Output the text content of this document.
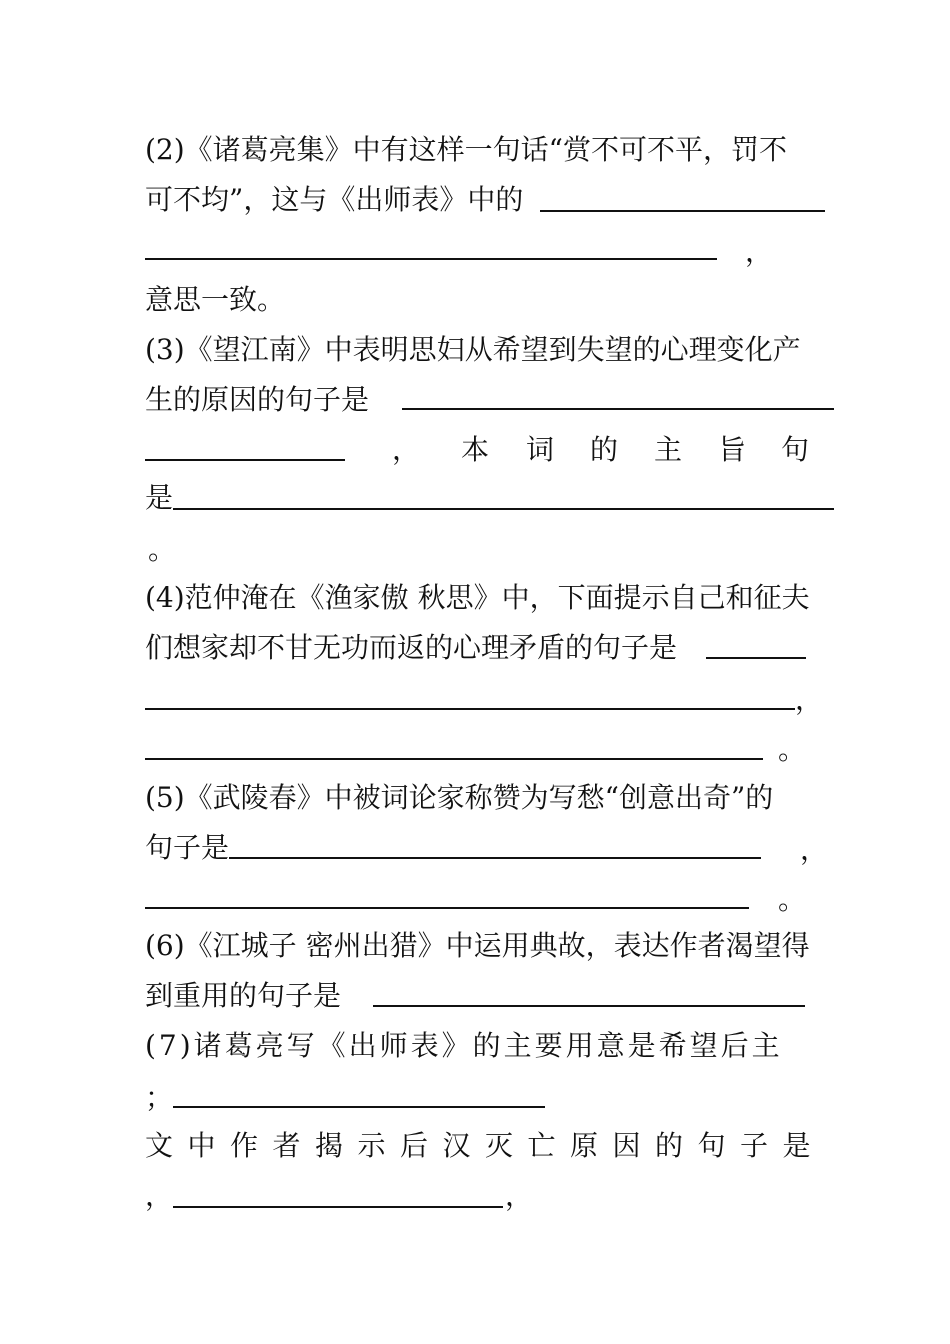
(2)《诸葛亮集》中有这样一句话“赏不可不平，罚不
可不均”，这与《出师表》中的
，
意思一致。
(3)《望江南》中表明思妇从希望到失望的心理变化产
生的原因的句子是
， 本 词 的 主 旨 句
是
。
(4)范仲淹在《渔家傲 秋思》中，下面提示自己和征夫
们想家却不甘无功而返的心理矛盾的句子是
，
。
(5)《武陵春》中被词论家称赞为写愁“创意出奇”的
句子是	，
。
(6)《江城子 密州出猎》中运用典故，表达作者渴望得
到重用的句子是
(7)诸葛亮写《出师表》的主要用意是希望后主
；
文中作者揭示后汉灭亡原因的句子是
，	，
